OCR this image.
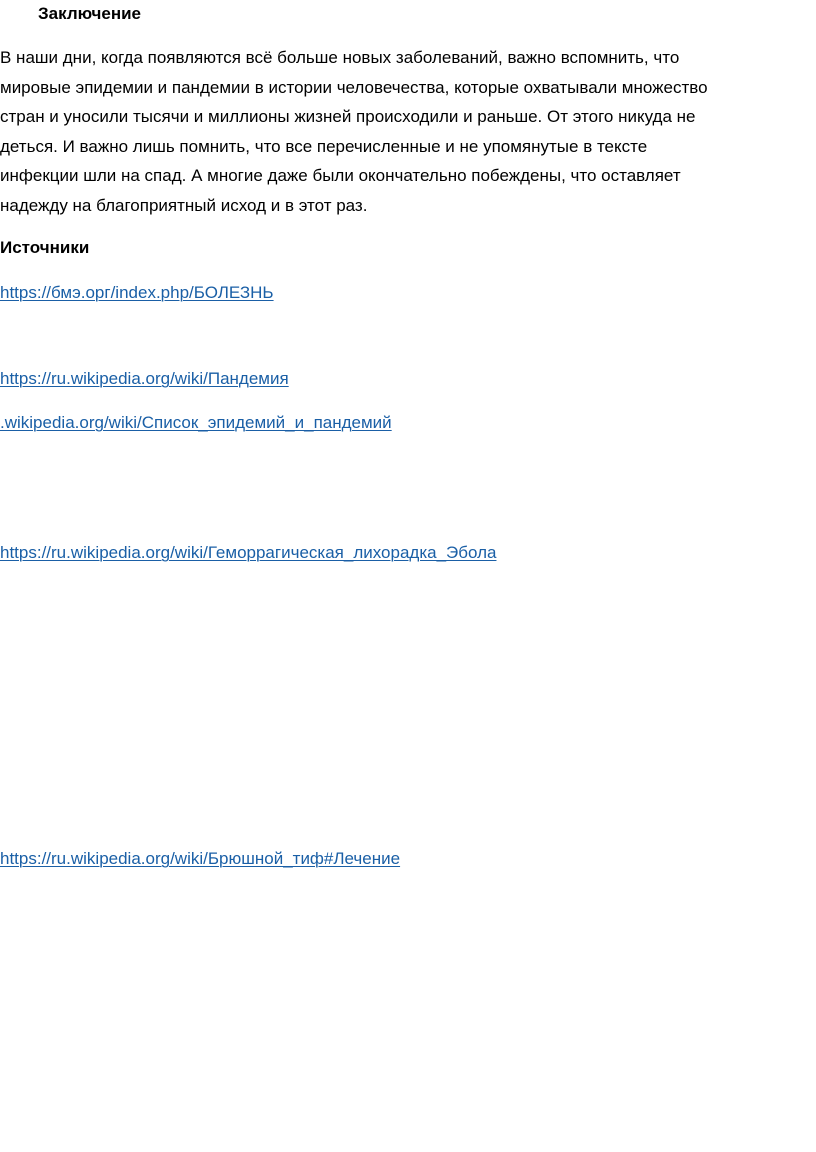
Заключение

В наши дни, когда появляются всё больше новых заболеваний, важно вспомнить, что
мировые эпидемии и пандемии в истории человечества, которые охватывали множество
стран и уносили тысячи и миллионы жизней происходили и раньше. От этого никуда не
деться. И важно лишь помнить, что все перечисленные и не упомянутые в тексте
инфекции шли на спад. А многие даже были окончательно побеждены, что оставляет
надежду на благоприятный исход и в этот раз.

Источники
https://бмэ.орг/index.php/БОЛЕЗНЬ
https://ru.wikipedia.org/wiki/Пандемия
.wikipedia.org/wiki/Список_эпидемий_и_пандемий
https://ru.wikipedia.org/wiki/Геморрагическая_лихорадка_Эбола
https://ru.wikipedia.org/wiki/Брюшной_тиф#Лечение
